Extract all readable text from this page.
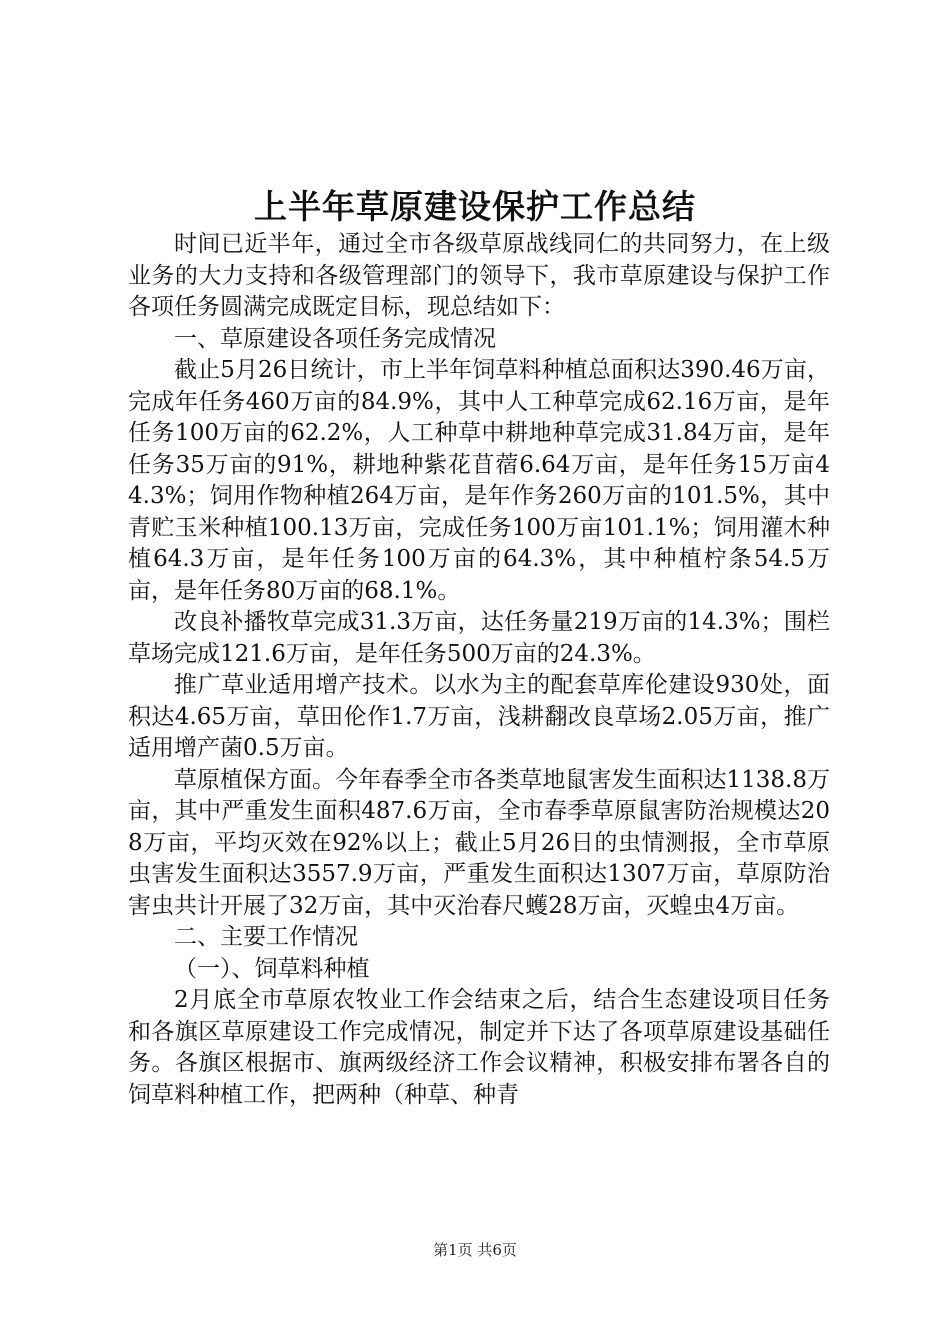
上半年草原建设保护工作总结

时间已近半年，通过全市各级草原战线同仁的共同努力，在上级业务的大力支持和各级管理部门的领导下，我市草原建设与保护工作各项任务圆满完成既定目标，现总结如下：

一、草原建设各项任务完成情况

截止5月26日统计，市上半年饲草料种植总面积达390.46万亩，完成年任务460万亩的84.9%，其中人工种草完成62.16万亩，是年任务100万亩的62.2%，人工种草中耕地种草完成31.84万亩，是年任务35万亩的91%，耕地种紫花苜蓿6.64万亩，是年任务15万亩44.3%；饲用作物种植264万亩，是年作务260万亩的101.5%，其中青贮玉米种植100.13万亩，完成任务100万亩101.1%；饲用灌木种植64.3万亩，是年任务100万亩的64.3%，其中种植柠条54.5万亩，是年任务80万亩的68.1%。

改良补播牧草完成31.3万亩，达任务量219万亩的14.3%；围栏草场完成121.6万亩，是年任务500万亩的24.3%。

推广草业适用增产技术。以水为主的配套草库伦建设930处，面积达4.65万亩，草田伦作1.7万亩，浅耕翻改良草场2.05万亩，推广适用增产菌0.5万亩。

草原植保方面。今年春季全市各类草地鼠害发生面积达1138.8万亩，其中严重发生面积487.6万亩，全市春季草原鼠害防治规模达208万亩，平均灭效在92%以上；截止5月26日的虫情测报，全市草原虫害发生面积达3557.9万亩，严重发生面积达1307万亩，草原防治害虫共计开展了32万亩，其中灭治春尺蠖28万亩，灭蝗虫4万亩。

二、主要工作情况

（一）、饲草料种植

2月底全市草原农牧业工作会结束之后，结合生态建设项目任务和各旗区草原建设工作完成情况，制定并下达了各项草原建设基础任务。各旗区根据市、旗两级经济工作会议精神，积极安排布署各自的饲草料种植工作，把两种（种草、种青

第1页 共6页
